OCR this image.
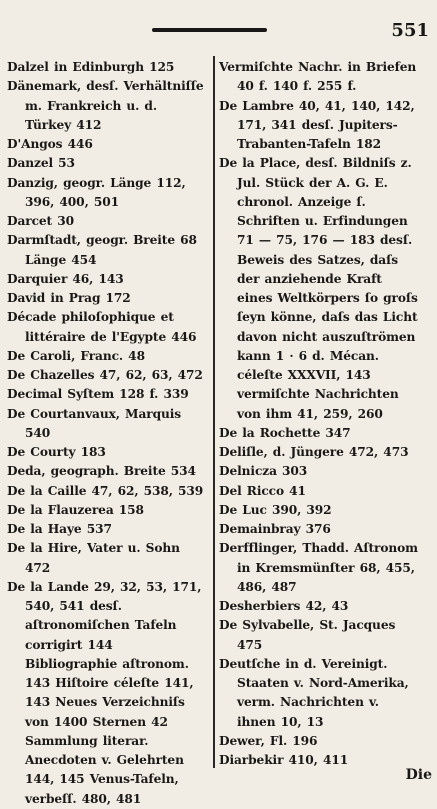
551

Dalzel in Edinburgh 125

Dänemark, desſ. Verhältniſſe m. Frankreich u. d. Türkey 412

D'Angos 446

Danzel 53

Danzig, geogr. Länge 112, 396, 400, 501

Darcet 30

Darmſtadt, geogr. Breite 68 Länge 454

Darquier 46, 143

David in Prag 172

Décade philoſophique et littéraire de l'Egypte 446

De Caroli, Franc. 48

De Chazelles 47, 62, 63, 472

Decimal Syſtem 128 f. 339

De Courtanvaux, Marquis 540

De Courty 183

Deda, geograph. Breite 534

De la Caille 47, 62, 538, 539

De la Flauzerea 158

De la Haye 537

De la Hire, Vater u. Sohn 472

De la Lande 29, 32, 53, 171, 540, 541 desſ. aſtronomiſchen Tafeln corrigirt 144 Bibliographie aſtronom. 143 Hiſtoire céleſte 141, 143 Neues Verzeichniſs von 1400 Sternen 42 Sammlung literar. Anecdoten v. Gelehrten 144, 145 Venus-Tafeln, verbeſſ. 480, 481

Vermiſchte Nachr. in Briefen 40 f. 140 f. 255 f.

De Lambre 40, 41, 140, 142, 171, 341 desſ. Jupiters-Trabanten-Tafeln 182

De la Place, desſ. Bildniſs z. Jul. Stück der A. G. E. chronol. Anzeige ſ. Schriften u. Erfindungen 71 — 75, 176 — 183 desſ. Beweis des Satzes, daſs der anziehende Kraft eines Weltkörpers ſo groſs ſeyn könne, daſs das Licht davon nicht auszuſtrömen kann 1 · 6 d. Mécan. céleſte XXXVII, 143 vermiſchte Nachrichten von ihm 41, 259, 260

De la Rochette 347

Deliſle, d. Jüngere 472, 473

Delnicza 303

Del Ricco 41

De Luc 390, 392

Demainbray 376

Derfflinger, Thadd. Aſtronom in Kremsmünſter 68, 455, 486, 487

Desherbiers 42, 43

De Sylvabelle, St. Jacques 475

Deutſche in d. Vereinigt. Staaten v. Nord-Amerika, verm. Nachrichten v. ihnen 10, 13

Dewer, Fl. 196

Diarbekir 410, 411

Die
